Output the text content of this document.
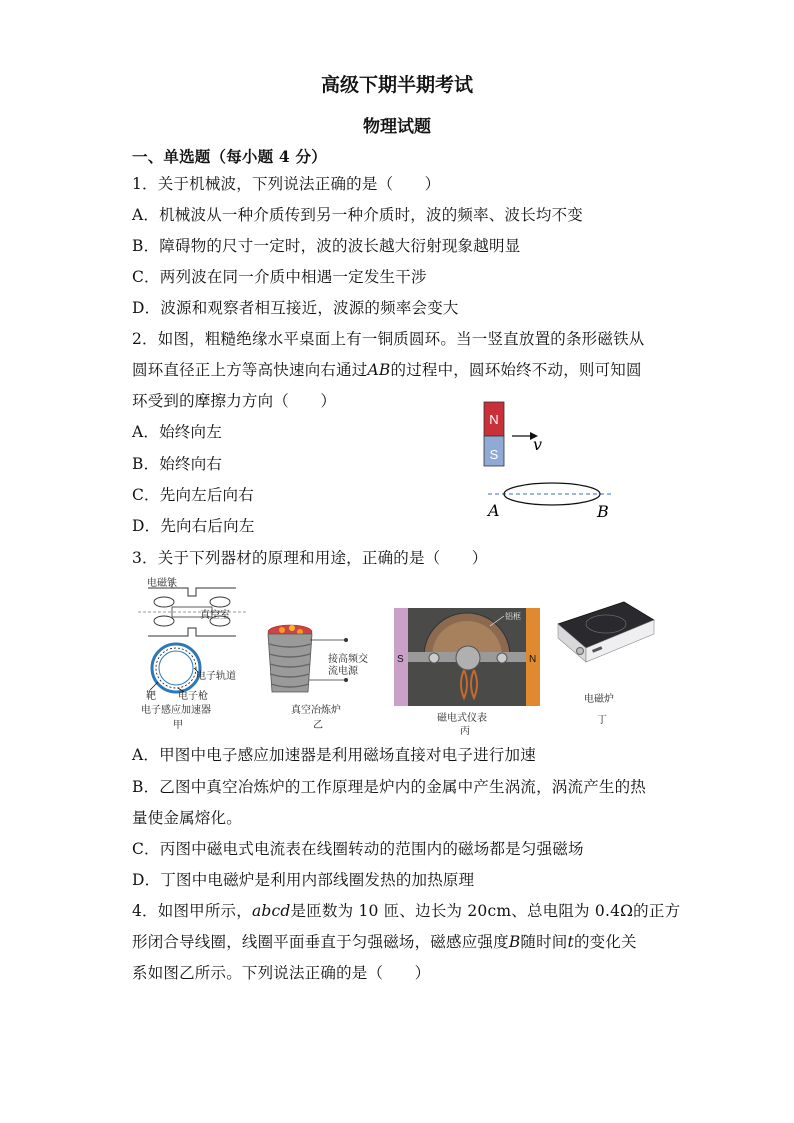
高级下期半期考试
物理试题
一、单选题（每小题 4 分）
1．关于机械波，下列说法正确的是（　　）
A．机械波从一种介质传到另一种介质时，波的频率、波长均不变
B．障碍物的尺寸一定时，波的波长越大衍射现象越明显
C．两列波在同一介质中相遇一定发生干涉
D．波源和观察者相互接近，波源的频率会变大
2．如图，粗糙绝缘水平桌面上有一铜质圆环。当一竖直放置的条形磁铁从
圆环直径正上方等高快速向右通过AB的过程中，圆环始终不动，则可知圆
环受到的摩擦力方向（　　）
A．始终向左
B．始终向右
C．先向左后向右
D．先向右后向左
N
S
v
A	B
3．关于下列器材的原理和用途，正确的是（　　）
电磁铁
真空室
电子轨道
靶 电子枪
电子感应加速器
甲
接高频交
流电源
真空冶炼炉
乙
铝框
S	N
磁电式仪表
丙
电磁炉
丁
A．甲图中电子感应加速器是利用磁场直接对电子进行加速
B．乙图中真空冶炼炉的工作原理是炉内的金属中产生涡流，涡流产生的热
量使金属熔化。
C．丙图中磁电式电流表在线圈转动的范围内的磁场都是匀强磁场
D．丁图中电磁炉是利用内部线圈发热的加热原理
4．如图甲所示，abcd是匝数为 10 匝、边长为 20cm、总电阻为 0.4Ω的正方
形闭合导线圈，线圈平面垂直于匀强磁场，磁感应强度B随时间t的变化关
系如图乙所示。下列说法正确的是（　　）
